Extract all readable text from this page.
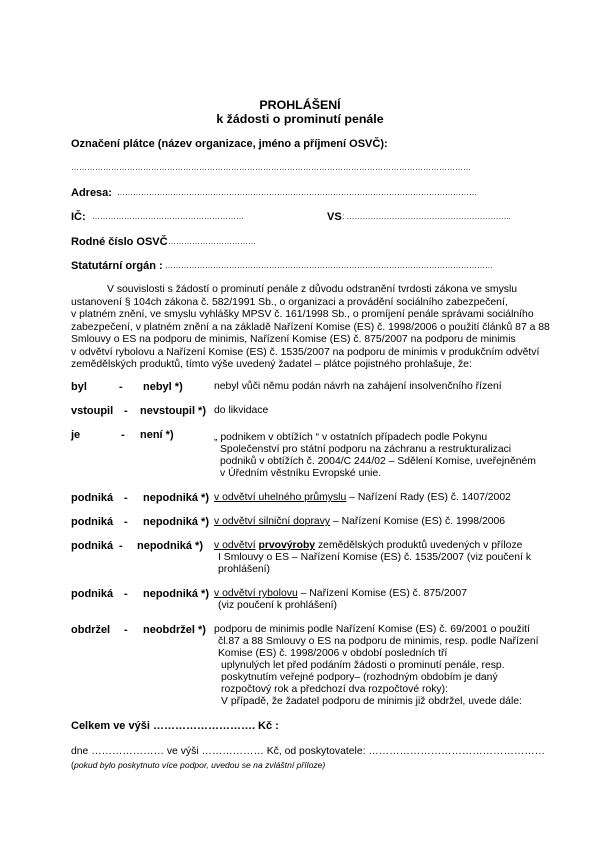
PROHLÁŠENÍ
k žádosti o prominutí penále
Označení plátce (název organizace, jméno a příjmení OSVČ):
……………………………………………………………………………………………………………………………………
Adresa: ………………………………………………………………………………………………………………………
IČ: …………………………………………………	VS : ……………………………………………………..
Rodné číslo OSVČ ……………………………
Statutární orgán : ……………………………………………………………………………………………………………
V souvislosti s žádostí o prominutí penále z důvodu odstranění tvrdosti zákona ve smyslu
ustanovení § 104ch zákona č. 582/1991 Sb., o organizaci a provádění sociálního zabezpečení,
v platném znění, ve smyslu vyhlášky MPSV č. 161/1998 Sb., o promíjení penále správami sociálního
zabezpečení, v platném znění a na základě Nařízení Komise (ES) č. 1998/2006 o použití článků 87 a 88
Smlouvy o ES na podporu de minimis, Nařízení Komise (ES) č. 875/2007 na podporu de minimis
v odvětví rybolovu a Nařízení Komise (ES) č. 1535/2007 na podporu de minimis v produkčním odvětví
zemědělských produktů, tímto výše uvedený žadatel – plátce pojistného prohlašuje, že:
byl	- nebyl *)	nebyl vůči němu podán návrh na zahájení insolvenčního řízení
vstoupil - nevstoupil *) do likvidace
je	- není *)	„ podnikem v obtížích “ v ostatních případech podle Pokynu
Společenství pro státní podporu na záchranu a restrukturalizaci
podniků v obtížích č. 2004/C 244/02 – Sdělení Komise, uveřejněném
v Úředním věstníku Evropské unie.
podniká - nepodniká *) v odvětví uhelného průmyslu – Nařízení Rady (ES) č. 1407/2002
podniká - nepodniká *) v odvětví silniční dopravy – Nařízení Komise (ES) č. 1998/2006
podniká - nepodniká *) v odvětví prvovýroby zemědělských produktů uvedených v příloze
I Smlouvy o ES – Nařízení Komise (ES) č. 1535/2007 (viz poučení k
prohlášení)
podniká - nepodniká *) v odvětví rybolovu – Nařízení Komise (ES) č. 875/2007
(viz poučení k prohlášení)
obdržel - neobdržel *) podporu de minimis podle Nařízení Komise (ES) č. 69/2001 o použití
čl.87 a 88 Smlouvy o ES na podporu de minimis, resp. podle Nařízení
Komise (ES) č. 1998/2006 v období posledních tří
uplynulých let před podáním žádosti o prominutí penále, resp.
poskytnutím veřejné podpory– (rozhodným obdobím je daný
rozpočtový rok a předchozí dva rozpočtové roky):
V případě, že žadatel podporu de minimis již obdržel, uvede dále:
Celkem ve výši ………………………. Kč :
dne ………………… ve výši ……………… Kč, od poskytovatele: ……………………………………………
(pokud bylo poskytnuto více podpor, uvedou se na zvláštní příloze)
